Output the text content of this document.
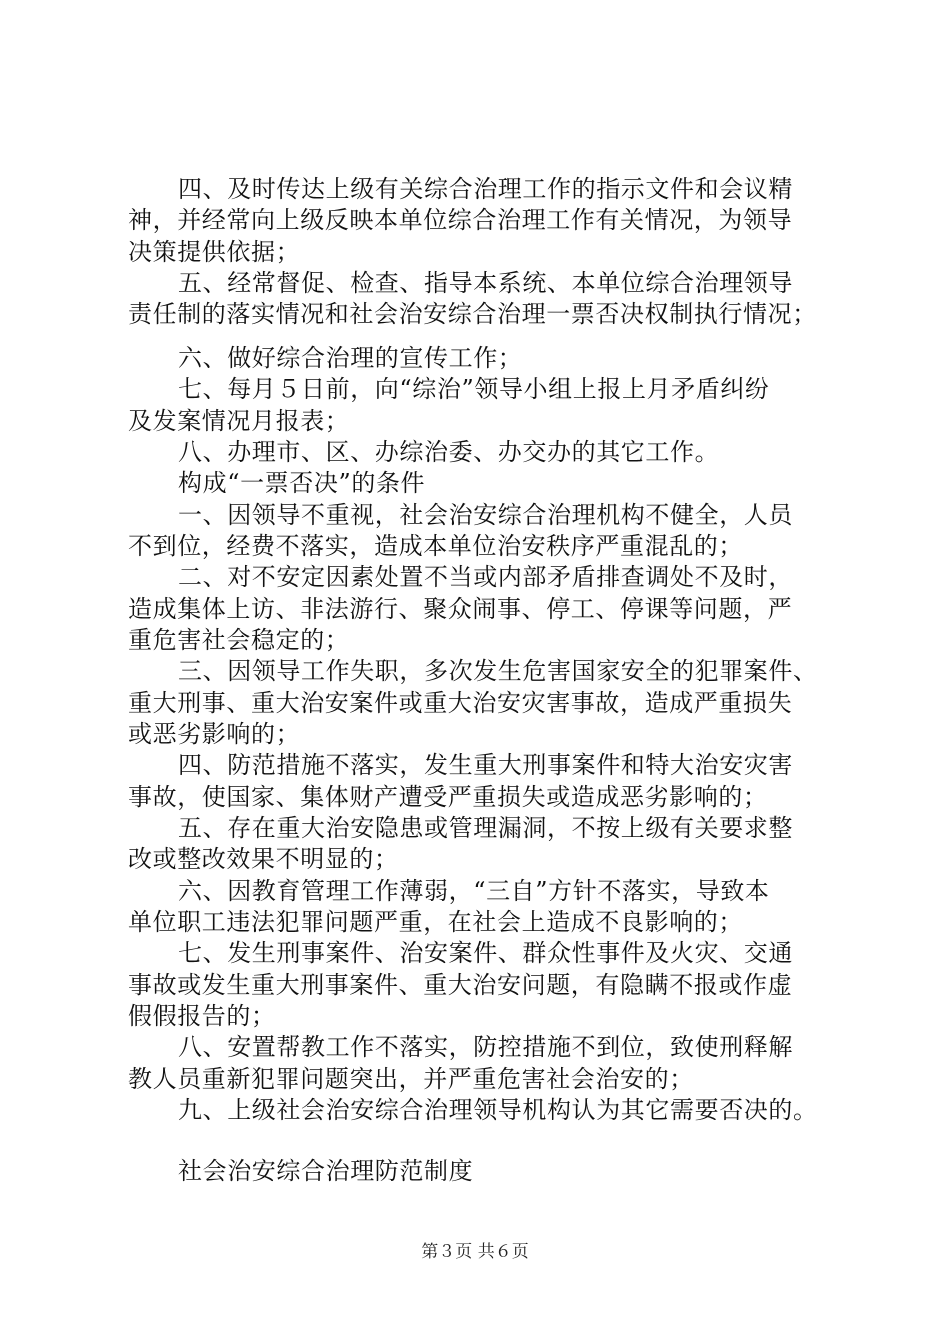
第３页 共６页
四、及时传达上级有关综合治理工作的指示文件和会议精
神，并经常向上级反映本单位综合治理工作有关情况，为领导
决策提供依据；
五、经常督促、检查、指导本系统、本单位综合治理领导
责任制的落实情况和社会治安综合治理一票否决权制执行情况；
六、做好综合治理的宣传工作；
七、每月５日前，向“综治”领导小组上报上月矛盾纠纷
及发案情况月报表；
八、办理市、区、办综治委、办交办的其它工作。
构成“一票否决”的条件
一、因领导不重视，社会治安综合治理机构不健全，人员
不到位，经费不落实，造成本单位治安秩序严重混乱的；
二、对不安定因素处置不当或内部矛盾排查调处不及时，
造成集体上访、非法游行、聚众闹事、停工、停课等问题，严
重危害社会稳定的；
三、因领导工作失职，多次发生危害国家安全的犯罪案件、
重大刑事、重大治安案件或重大治安灾害事故，造成严重损失
或恶劣影响的；
四、防范措施不落实，发生重大刑事案件和特大治安灾害
事故，使国家、集体财产遭受严重损失或造成恶劣影响的；
五、存在重大治安隐患或管理漏洞，不按上级有关要求整
改或整改效果不明显的；
六、因教育管理工作薄弱，“三自”方针不落实，导致本
单位职工违法犯罪问题严重，在社会上造成不良影响的；
七、发生刑事案件、治安案件、群众性事件及火灾、交通
事故或发生重大刑事案件、重大治安问题，有隐瞒不报或作虚
假假报告的；
八、安置帮教工作不落实，防控措施不到位，致使刑释解
教人员重新犯罪问题突出，并严重危害社会治安的；
九、上级社会治安综合治理领导机构认为其它需要否决的。
社会治安综合治理防范制度
